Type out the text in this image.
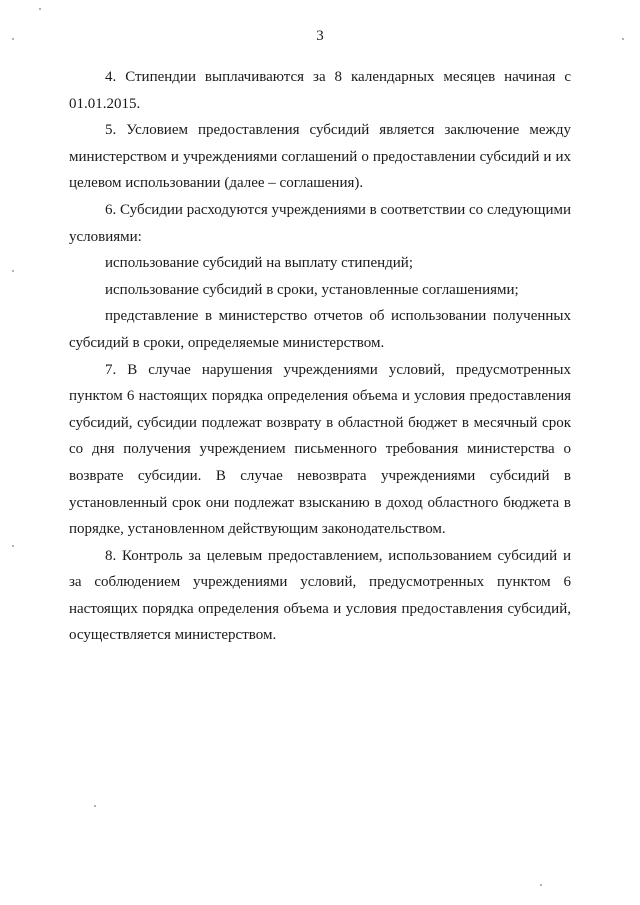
3

4. Стипендии выплачиваются за 8 календарных месяцев начиная с 01.01.2015.

5. Условием предоставления субсидий является заключение между министерством и учреждениями соглашений о предоставлении субсидий и их целевом использовании (далее – соглашения).

6. Субсидии расходуются учреждениями в соответствии со следующими условиями:

использование субсидий на выплату стипендий;

использование субсидий в сроки, установленные соглашениями;

представление в министерство отчетов об использовании полученных субсидий в сроки, определяемые министерством.

7. В случае нарушения учреждениями условий, предусмотренных пунктом 6 настоящих порядка определения объема и условия предоставления субсидий, субсидии подлежат возврату в областной бюджет в месячный срок со дня получения учреждением письменного требования министерства о возврате субсидии. В случае невозврата учреждениями субсидий в установленный срок они подлежат взысканию в доход областного бюджета в порядке, установленном действующим законодательством.

8. Контроль за целевым предоставлением, использованием субсидий и за соблюдением учреждениями условий, предусмотренных пунктом 6 настоящих порядка определения объема и условия предоставления субсидий, осуществляется министерством.
